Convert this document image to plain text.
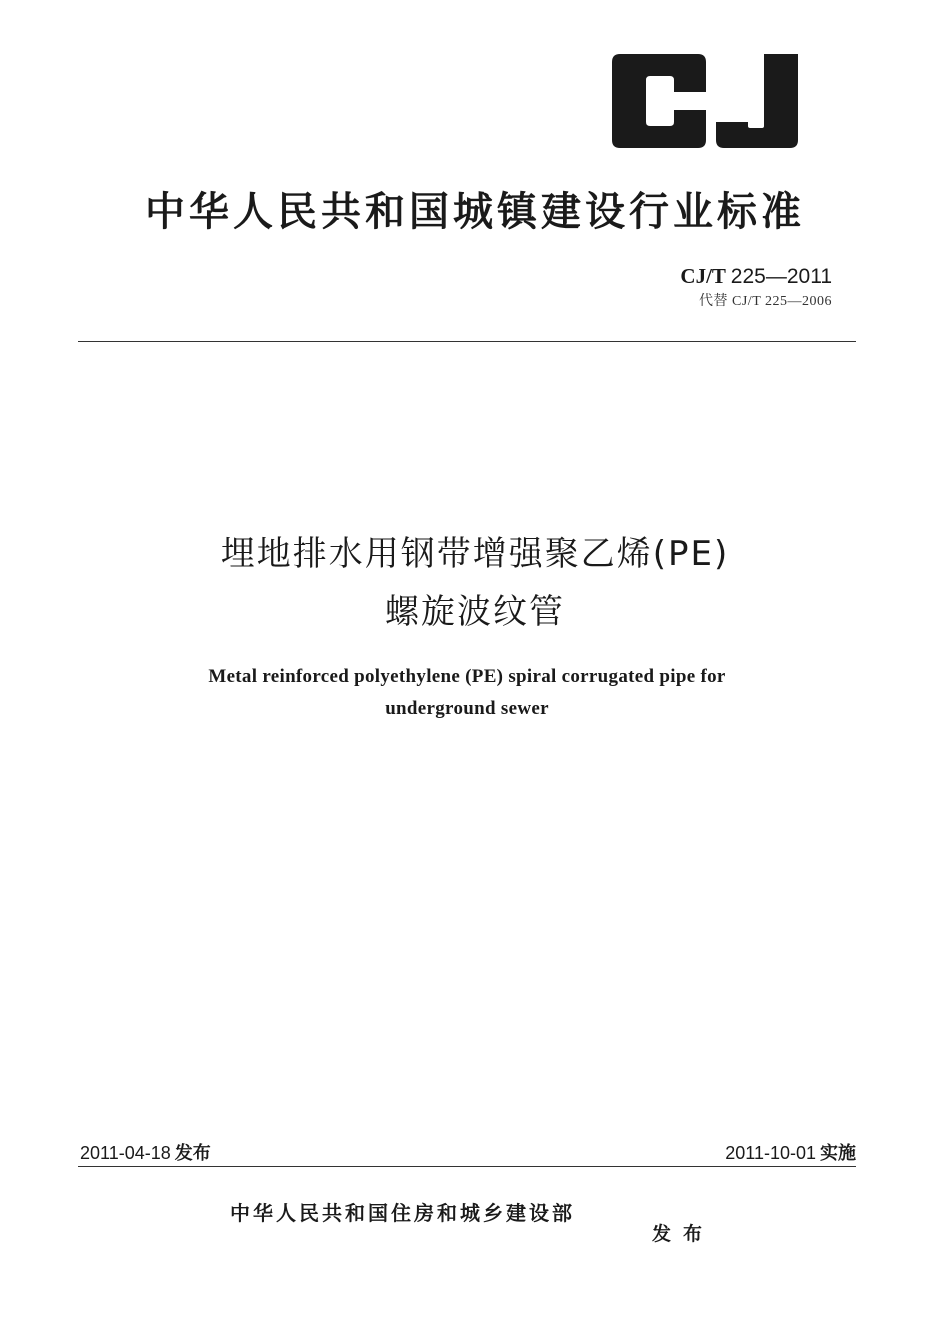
中华人民共和国城镇建设行业标准
CJ/T 225—2011
代替 CJ/T 225—2006
埋地排水用钢带增强聚乙烯(PE)
螺旋波纹管
Metal reinforced polyethylene (PE) spiral corrugated pipe for
underground sewer
2011-04-18 发布	2011-10-01 实施
中华人民共和国住房和城乡建设部
发布
